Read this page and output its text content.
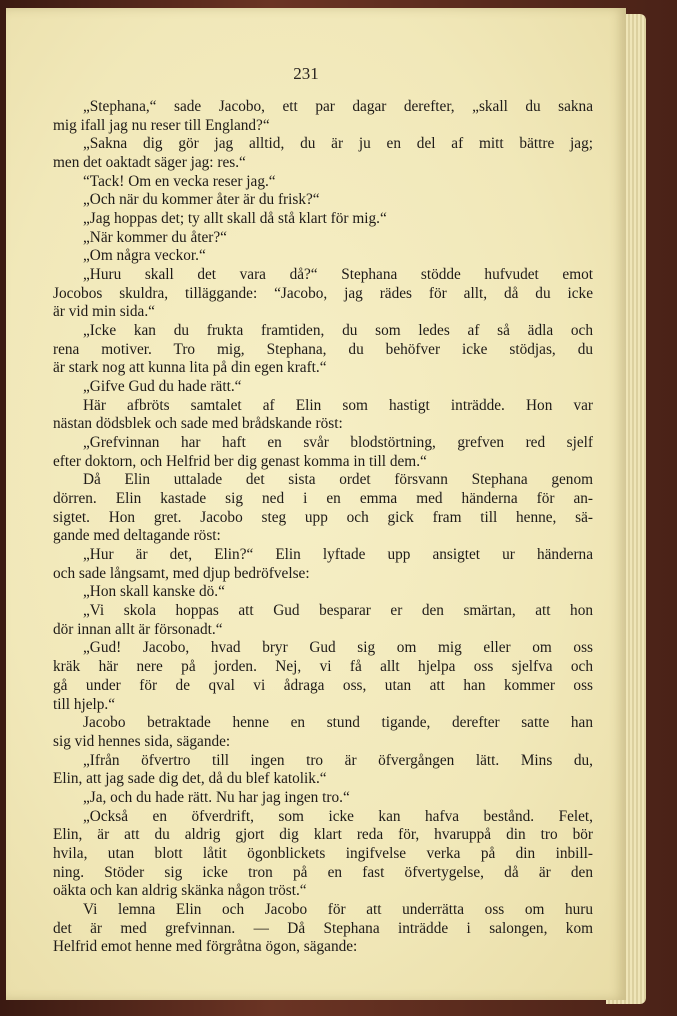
231
„Stephana,“ sade Jacobo, ett par dagar derefter, „skall du sakna
mig ifall jag nu reser till England?“
„Sakna dig gör jag alltid, du är ju en del af mitt bättre jag;
men det oaktadt säger jag: res.“
“Tack! Om en vecka reser jag.“
„Och när du kommer åter är du frisk?“
„Jag hoppas det; ty allt skall då stå klart för mig.“
„När kommer du åter?“
„Om några veckor.“
„Huru skall det vara då?“ Stephana stödde hufvudet emot
Jocobos skuldra, tilläggande: “Jacobo, jag rädes för allt, då du icke
är vid min sida.“
„Icke kan du frukta framtiden, du som ledes af så ädla och
rena motiver. Tro mig, Stephana, du behöfver icke stödjas, du
är stark nog att kunna lita på din egen kraft.“
„Gifve Gud du hade rätt.“
Här afbröts samtalet af Elin som hastigt inträdde. Hon var
nästan dödsblek och sade med brådskande röst:
„Grefvinnan har haft en svår blodstörtning, grefven red sjelf
efter doktorn, och Helfrid ber dig genast komma in till dem.“
Då Elin uttalade det sista ordet försvann Stephana genom
dörren. Elin kastade sig ned i en emma med händerna för an-
sigtet. Hon gret. Jacobo steg upp och gick fram till henne, sä-
gande med deltagande röst:
„Hur är det, Elin?“ Elin lyftade upp ansigtet ur händerna
och sade långsamt, med djup bedröfvelse:
„Hon skall kanske dö.“
„Vi skola hoppas att Gud besparar er den smärtan, att hon
dör innan allt är försonadt.“
„Gud! Jacobo, hvad bryr Gud sig om mig eller om oss
kräk här nere på jorden. Nej, vi få allt hjelpa oss sjelfva och
gå under för de qval vi ådraga oss, utan att han kommer oss
till hjelp.“
Jacobo betraktade henne en stund tigande, derefter satte han
sig vid hennes sida, sägande:
„Ifrån öfvertro till ingen tro är öfvergången lätt. Mins du,
Elin, att jag sade dig det, då du blef katolik.“
„Ja, och du hade rätt. Nu har jag ingen tro.“
„Också en öfverdrift, som icke kan hafva bestånd. Felet,
Elin, är att du aldrig gjort dig klart reda för, hvaruppå din tro bör
hvila, utan blott låtit ögonblickets ingifvelse verka på din inbill-
ning. Stöder sig icke tron på en fast öfvertygelse, då är den
oäkta och kan aldrig skänka någon tröst.“
Vi lemna Elin och Jacobo för att underrätta oss om huru
det är med grefvinnan. — Då Stephana inträdde i salongen, kom
Helfrid emot henne med förgråtna ögon, sägande:
